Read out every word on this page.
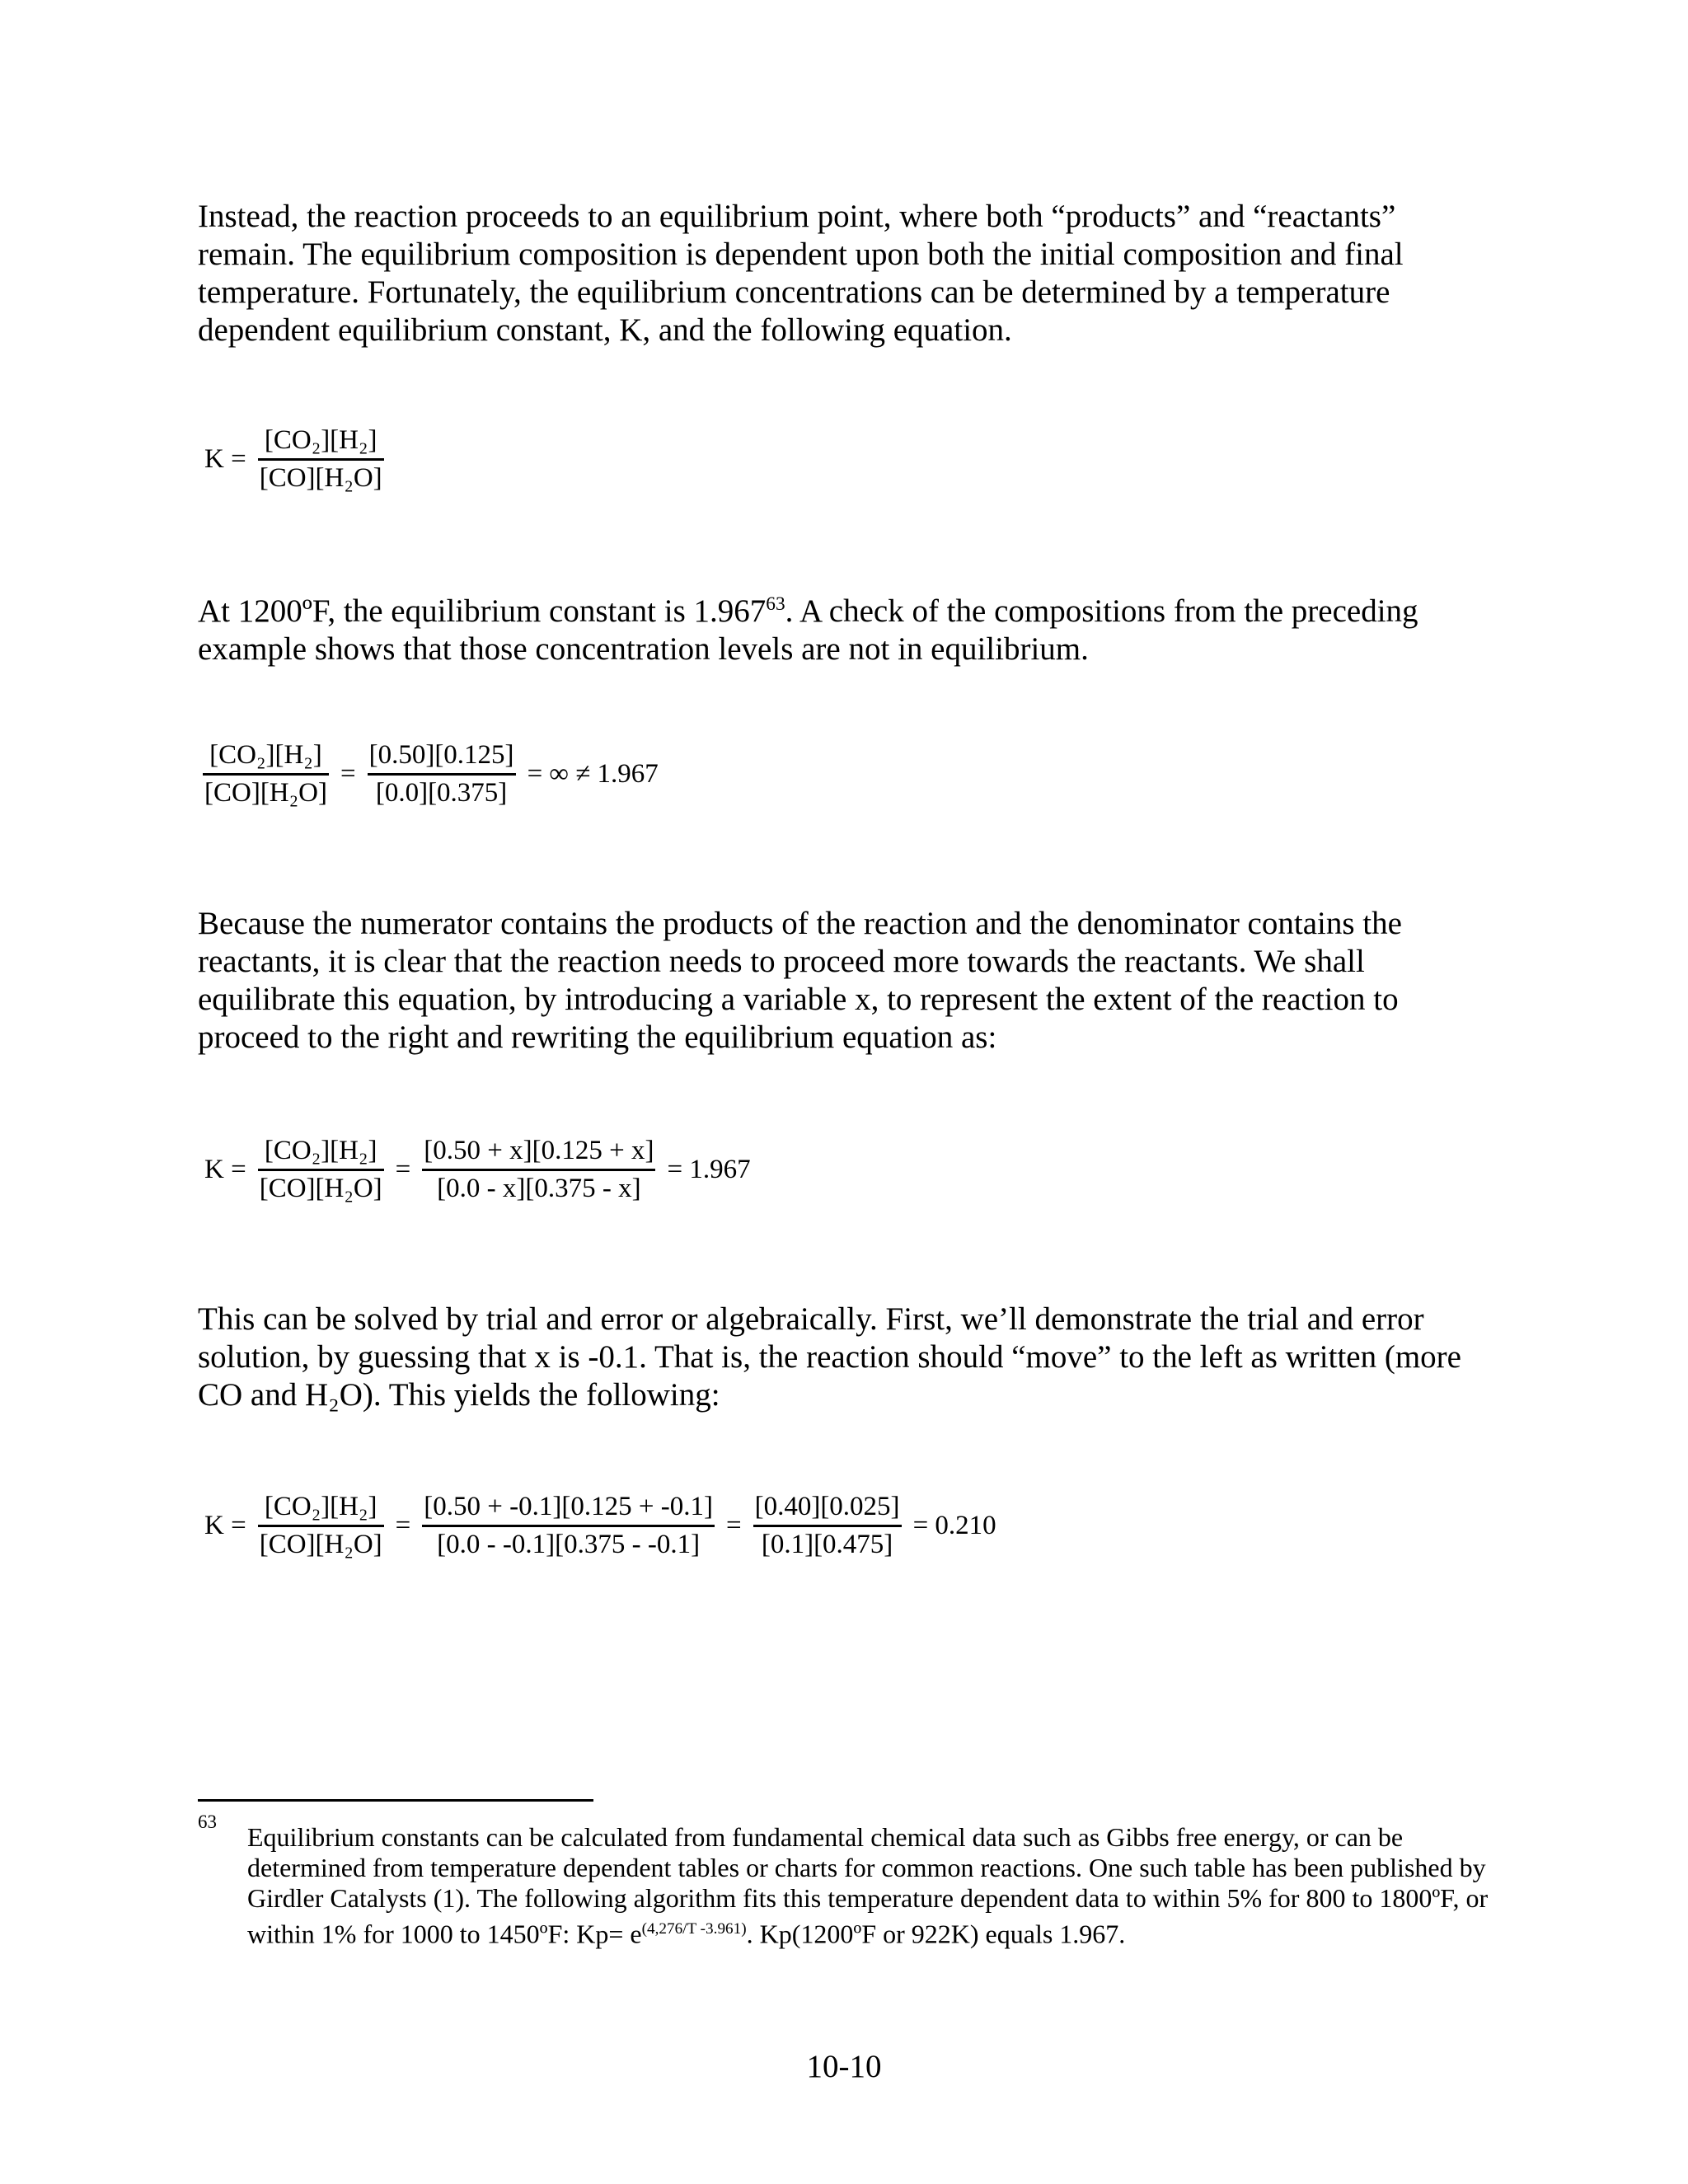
Instead, the reaction proceeds to an equilibrium point, where both “products” and “reactants” remain. The equilibrium composition is dependent upon both the initial composition and final temperature. Fortunately, the equilibrium concentrations can be determined by a temperature dependent equilibrium constant, K, and the following equation.

$K = \frac{\text{[CO₂][H₂]}}{\text{[CO][H₂O]}}$

At 1200ºF, the equilibrium constant is 1.967$^{63}$. A check of the compositions from the preceding example shows that those concentration levels are not in equilibrium.

$\frac{\text{[CO₂][H₂]}}{\text{[CO][H₂O]}} = \frac{[0.50][0.125]}{[0.0][0.375]}$ = ∞ ≠ 1.967

Because the numerator contains the products of the reaction and the denominator contains the reactants, it is clear that the reaction needs to proceed more towards the reactants. We shall equilibrate this equation, by introducing a variable x, to represent the extent of the reaction to proceed to the right and rewriting the equilibrium equation as:

$K = \frac{\text{[CO₂][H₂]}}{\text{[CO][H₂O]}} = \frac{[0.50 + x][0.125 + x]}{[0.0 - x][0.375 - x]} = 1.967$

This can be solved by trial and error or algebraically. First, we’ll demonstrate the trial and error solution, by guessing that x is -0.1. That is, the reaction should “move” to the left as written (more CO and H₂O). This yields the following:

$K = \frac{\text{[CO₂][H₂]}}{\text{[CO][H₂O]}} = \frac{[0.50 + -0.1][0.125 + -0.1]}{[0.0 - -0.1][0.375 - -0.1]} = \frac{[0.40][0.025]}{[0.1][0.475]} = 0.210$
63

Equilibrium constants can be calculated from fundamental chemical data such as Gibbs free energy, or can be determined from temperature dependent tables or charts for common reactions. One such table has been published by Girdler Catalysts (1). The following algorithm fits this temperature dependent data to within 5% for 800 to 1800ºF, or within 1% for 1000 to 1450ºF: $Kp= e^{(4,276/T -3.961)}$. Kp(1200ºF or 922K) equals 1.967.

10-10
